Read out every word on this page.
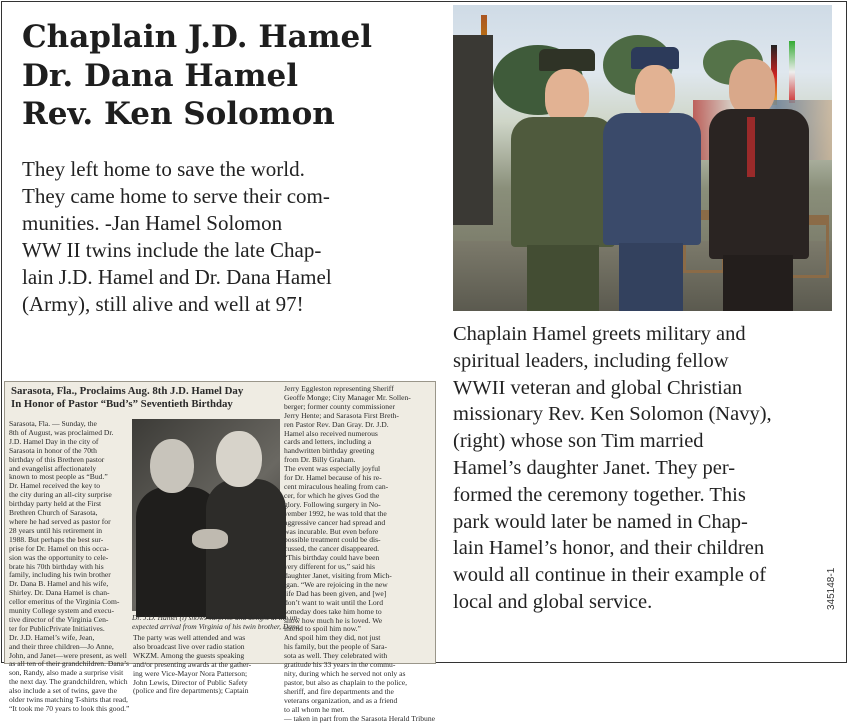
Chaplain J.D. Hamel
Dr. Dana Hamel
Rev. Ken Solomon
They left home to save the world.
They came home to serve their com-
munities. -Jan Hamel Solomon
WW II twins include the late Chap-
lain J.D. Hamel and Dr. Dana Hamel
(Army), still alive and well at 97!
Chaplain Hamel greets military and
spiritual leaders, including fellow
WWII veteran and global Christian
missionary Rev. Ken Solomon (Navy),
(right) whose son Tim married
Hamel’s daughter Janet. They per-
formed the ceremony together. This
park would later be named in Chap-
lain Hamel’s honor, and their children
would all continue in their example of
local and global service.	345148-1
Sarasota, Fla., Proclaims Aug. 8th J.D. Hamel Day
In Honor of Pastor “Bud’s” Seventieth Birthday
Sarasota, Fla. — Sunday, the
8th of August, was proclaimed Dr.
J.D. Hamel Day in the city of
Sarasota in honor of the 70th
birthday of this Brethren pastor
and evangelist affectionately
known to most people as “Bud.”
Dr. Hamel received the key to
the city during an all-city surprise
birthday party held at the First
Brethren Church of Sarasota,
where he had served as pastor for
28 years until his retirement in
1988. But perhaps the best sur-
prise for Dr. Hamel on this occa-
sion was the opportunity to cele-
brate his 70th birthday with his
family, including his twin brother
Dr. Dana B. Hamel and his wife,
Shirley. Dr. Dana Hamel is chan-
cellor emeritus of the Virginia Com-
munity College system and execu-
tive director of the Virginia Cen-
ter for PublicPrivate Initiatives.
Dr. J.D. Hamel’s wife, Jean,
and their three children—Jo Anne,
John, and Janet—were present, as well
as all ten of their grandchildren. Dana’s
son, Randy, also made a surprise visit
the next day. The grandchildren, which
also include a set of twins, gave the
older twins matching T-shirts that read,
“It took me 70 years to look this good.”
Dr. J.D. Hamel (l) shows surprise and delight at the un-
expected arrival from Virginia of his twin brother, Dana.
The party was well attended and was
also broadcast live over radio station
WKZM. Among the guests speaking
and/or presenting awards at the gather-
ing were Vice-Mayor Nora Patterson;
John Lewis, Director of Public Safety
(police and fire departments); Captain
Jerry Eggleston representing Sheriff
Geoffe Monge; City Manager Mr. Sollen-
berger; former county commissioner
Jerry Hente; and Sarasota First Breth-
ren Pastor Rev. Dan Gray. Dr. J.D.
Hamel also received numerous
cards and letters, including a
handwritten birthday greeting
from Dr. Billy Graham.
The event was especially joyful
for Dr. Hamel because of his re-
cent miraculous healing from can-
cer, for which he gives God the
glory. Following surgery in No-
vember 1992, he was told that the
aggressive cancer had spread and
was incurable. But even before
possible treatment could be dis-
cussed, the cancer disappeared.
“This birthday could have been
very different for us,” said his
daughter Janet, visiting from Mich-
igan. “We are rejoicing in the new
life Dad has been given, and [we]
don’t want to wait until the Lord
someday does take him home to
show how much he is loved. We
intend to spoil him now.”
And spoil him they did, not just
his family, but the people of Sara-
sota as well. They celebrated with
gratitude his 33 years in the commu-
nity, during which he served not only as
pastor, but also as chaplain to the police,
sheriff, and fire departments and the
veterans organization, and as a friend
to all whom he met.
— taken in part from the Sarasota Herald Tribune
